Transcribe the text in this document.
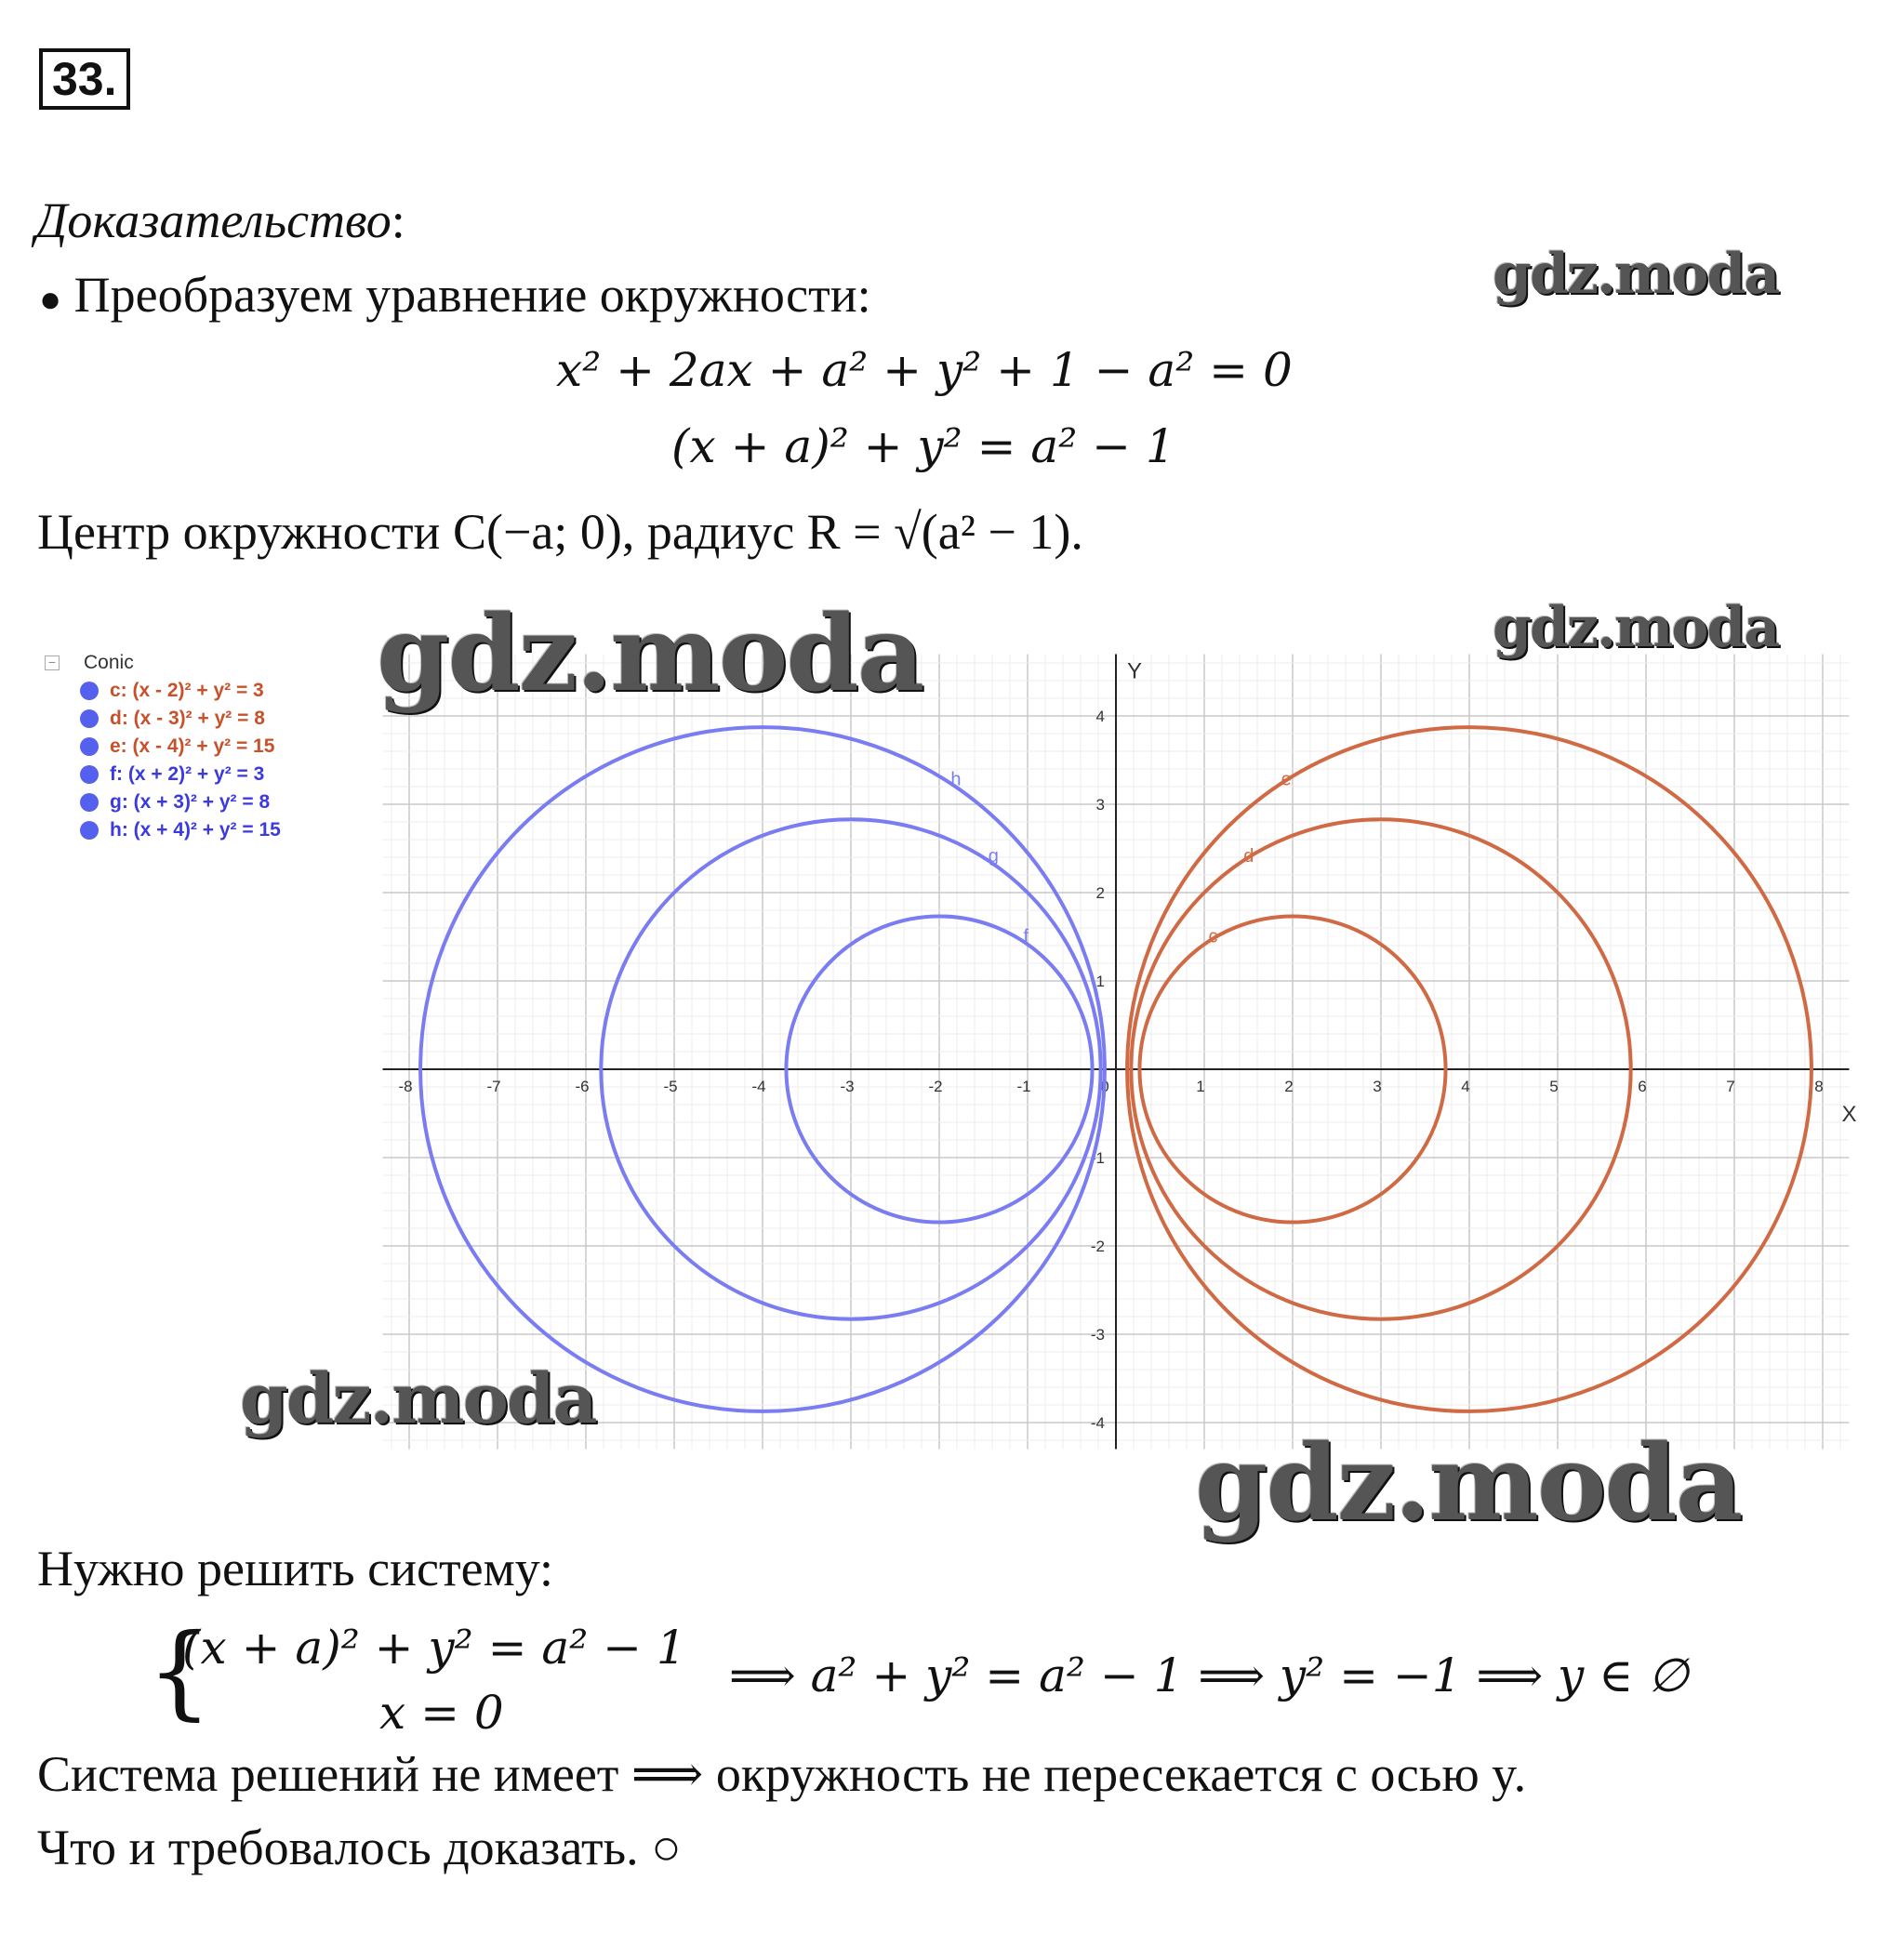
33.
Доказательство:
● Преобразуем уравнение окружности:
x² + 2ax + a² + y² + 1 − a² = 0
(x + a)² + y² = a² − 1
Центр окружности C(−a; 0), радиус R = √(a² − 1).
− Conic
c: (x - 2)² + y² = 3
d: (x - 3)² + y² = 8
e: (x - 4)² + y² = 15
f: (x + 2)² + y² = 3
g: (x + 3)² + y² = 8
h: (x + 4)² + y² = 15
-8	-7	-6	-5	-4	-3	-2	-1	0	1	2	3	4	5	6	7	8
-4
-3
-2
-1
1
2
3
4
X
Y
c
d
e
f
g
h
gdz.moda
gdz.moda
gdz.moda
gdz.moda
gdz.moda
Нужно решить систему:
{
(x + a)² + y² = a² − 1
x = 0
⟹ a² + y² = a² − 1 ⟹ y² = −1 ⟹ y ∈ ∅
Система решений не имеет ⟹ окружность не пересекается с осью y.
Что и требовалось доказать. ○
